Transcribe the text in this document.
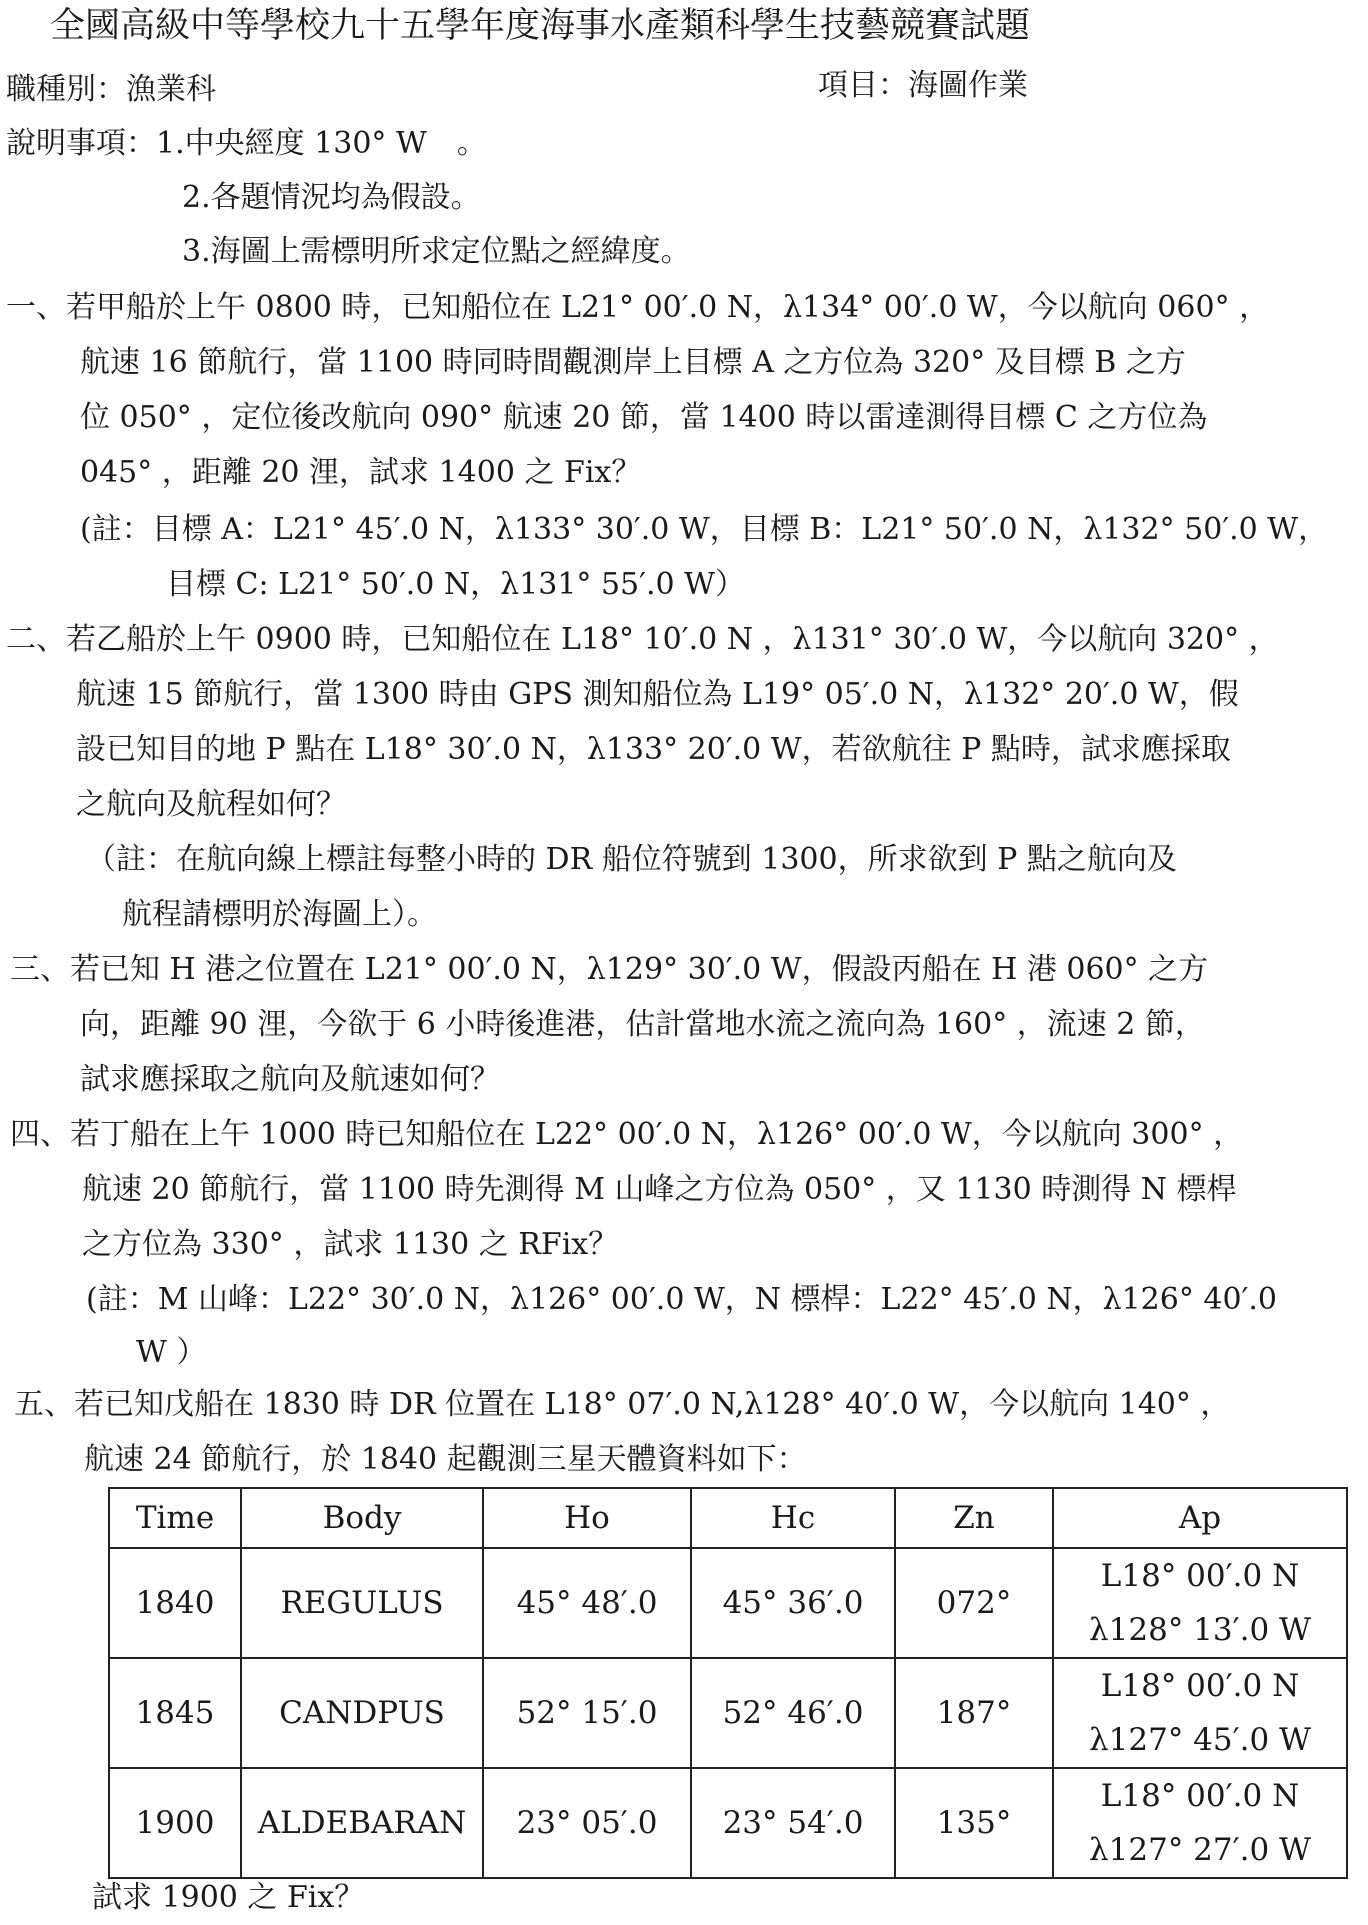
全國高級中等學校九十五學年度海事水產類科學生技藝競賽試題
職種別：漁業科	項目：海圖作業
說明事項：1.中央經度 130° W　。
2.各題情況均為假設。
3.海圖上需標明所求定位點之經緯度。
一、若甲船於上午 0800 時，已知船位在 L21° 00′.0 N，λ134° 00′.0 W，今以航向 060° ，
航速 16 節航行，當 1100 時同時間觀測岸上目標 A 之方位為 320° 及目標 B 之方
位 050° ，定位後改航向 090° 航速 20 節，當 1400 時以雷達測得目標 C 之方位為
045° ，距離 20 浬，試求 1400 之 Fix？
(註：目標 A：L21° 45′.0 N，λ133° 30′.0 W，目標 B：L21° 50′.0 N，λ132° 50′.0 W，
目標 C: L21° 50′.0 N，λ131° 55′.0 W）
二、若乙船於上午 0900 時，已知船位在 L18° 10′.0 N ，λ131° 30′.0 W，今以航向 320° ，
航速 15 節航行，當 1300 時由 GPS 測知船位為 L19° 05′.0 N，λ132° 20′.0 W，假
設已知目的地 P 點在 L18° 30′.0 N，λ133° 20′.0 W，若欲航往 P 點時，試求應採取
之航向及航程如何？
（註：在航向線上標註每整小時的 DR 船位符號到 1300，所求欲到 P 點之航向及
航程請標明於海圖上）。
三、若已知 H 港之位置在 L21° 00′.0 N，λ129° 30′.0 W，假設丙船在 H 港 060° 之方
向，距離 90 浬，今欲于 6 小時後進港，估計當地水流之流向為 160° ，流速 2 節，
試求應採取之航向及航速如何？
四、若丁船在上午 1000 時已知船位在 L22° 00′.0 N，λ126° 00′.0 W，今以航向 300° ，
航速 20 節航行，當 1100 時先測得 M 山峰之方位為 050° ，又 1130 時測得 N 標桿
之方位為 330° ，試求 1130 之 RFix？
(註：M 山峰：L22° 30′.0 N，λ126° 00′.0 W，N 標桿：L22° 45′.0 N，λ126° 40′.0
W ）
五、若已知戊船在 1830 時 DR 位置在 L18° 07′.0 N,λ128° 40′.0 W，今以航向 140° ，
航速 24 節航行，於 1840 起觀測三星天體資料如下：
Time	Body	Ho	Hc	Zn	Ap
1840	REGULUS	45° 48′.0	45° 36′.0	072°	L18° 00′.0 N
λ128° 13′.0 W

1845	CANDPUS	52° 15′.0	52° 46′.0	187°	L18° 00′.0 N
λ127° 45′.0 W

1900	ALDEBARAN	23° 05′.0	23° 54′.0	135°	L18° 00′.0 N
λ127° 27′.0 W
試求 1900 之 Fix？
